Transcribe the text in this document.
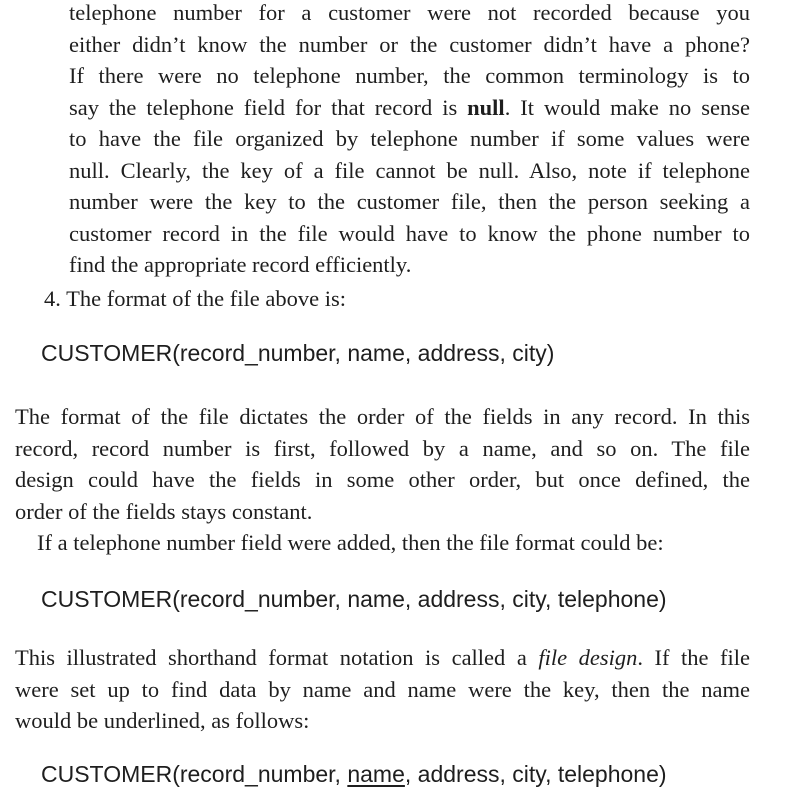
telephone number for a customer were not recorded because you
either didn’t know the number or the customer didn’t have a phone?
If there were no telephone number, the common terminology is to
say the telephone field for that record is null. It would make no sense
to have the file organized by telephone number if some values were
null. Clearly, the key of a file cannot be null. Also, note if telephone
number were the key to the customer file, then the person seeking a
customer record in the file would have to know the phone number to
find the appropriate record efficiently.
4. The format of the file above is:
CUSTOMER(record_number, name, address, city)
The format of the file dictates the order of the fields in any record. In this
record, record number is first, followed by a name, and so on. The file
design could have the fields in some other order, but once defined, the
order of the fields stays constant.
If a telephone number field were added, then the file format could be:
CUSTOMER(record_number, name, address, city, telephone)
This illustrated shorthand format notation is called a file design. If the file
were set up to find data by name and name were the key, then the name
would be underlined, as follows:
CUSTOMER(record_number, name, address, city, telephone)
